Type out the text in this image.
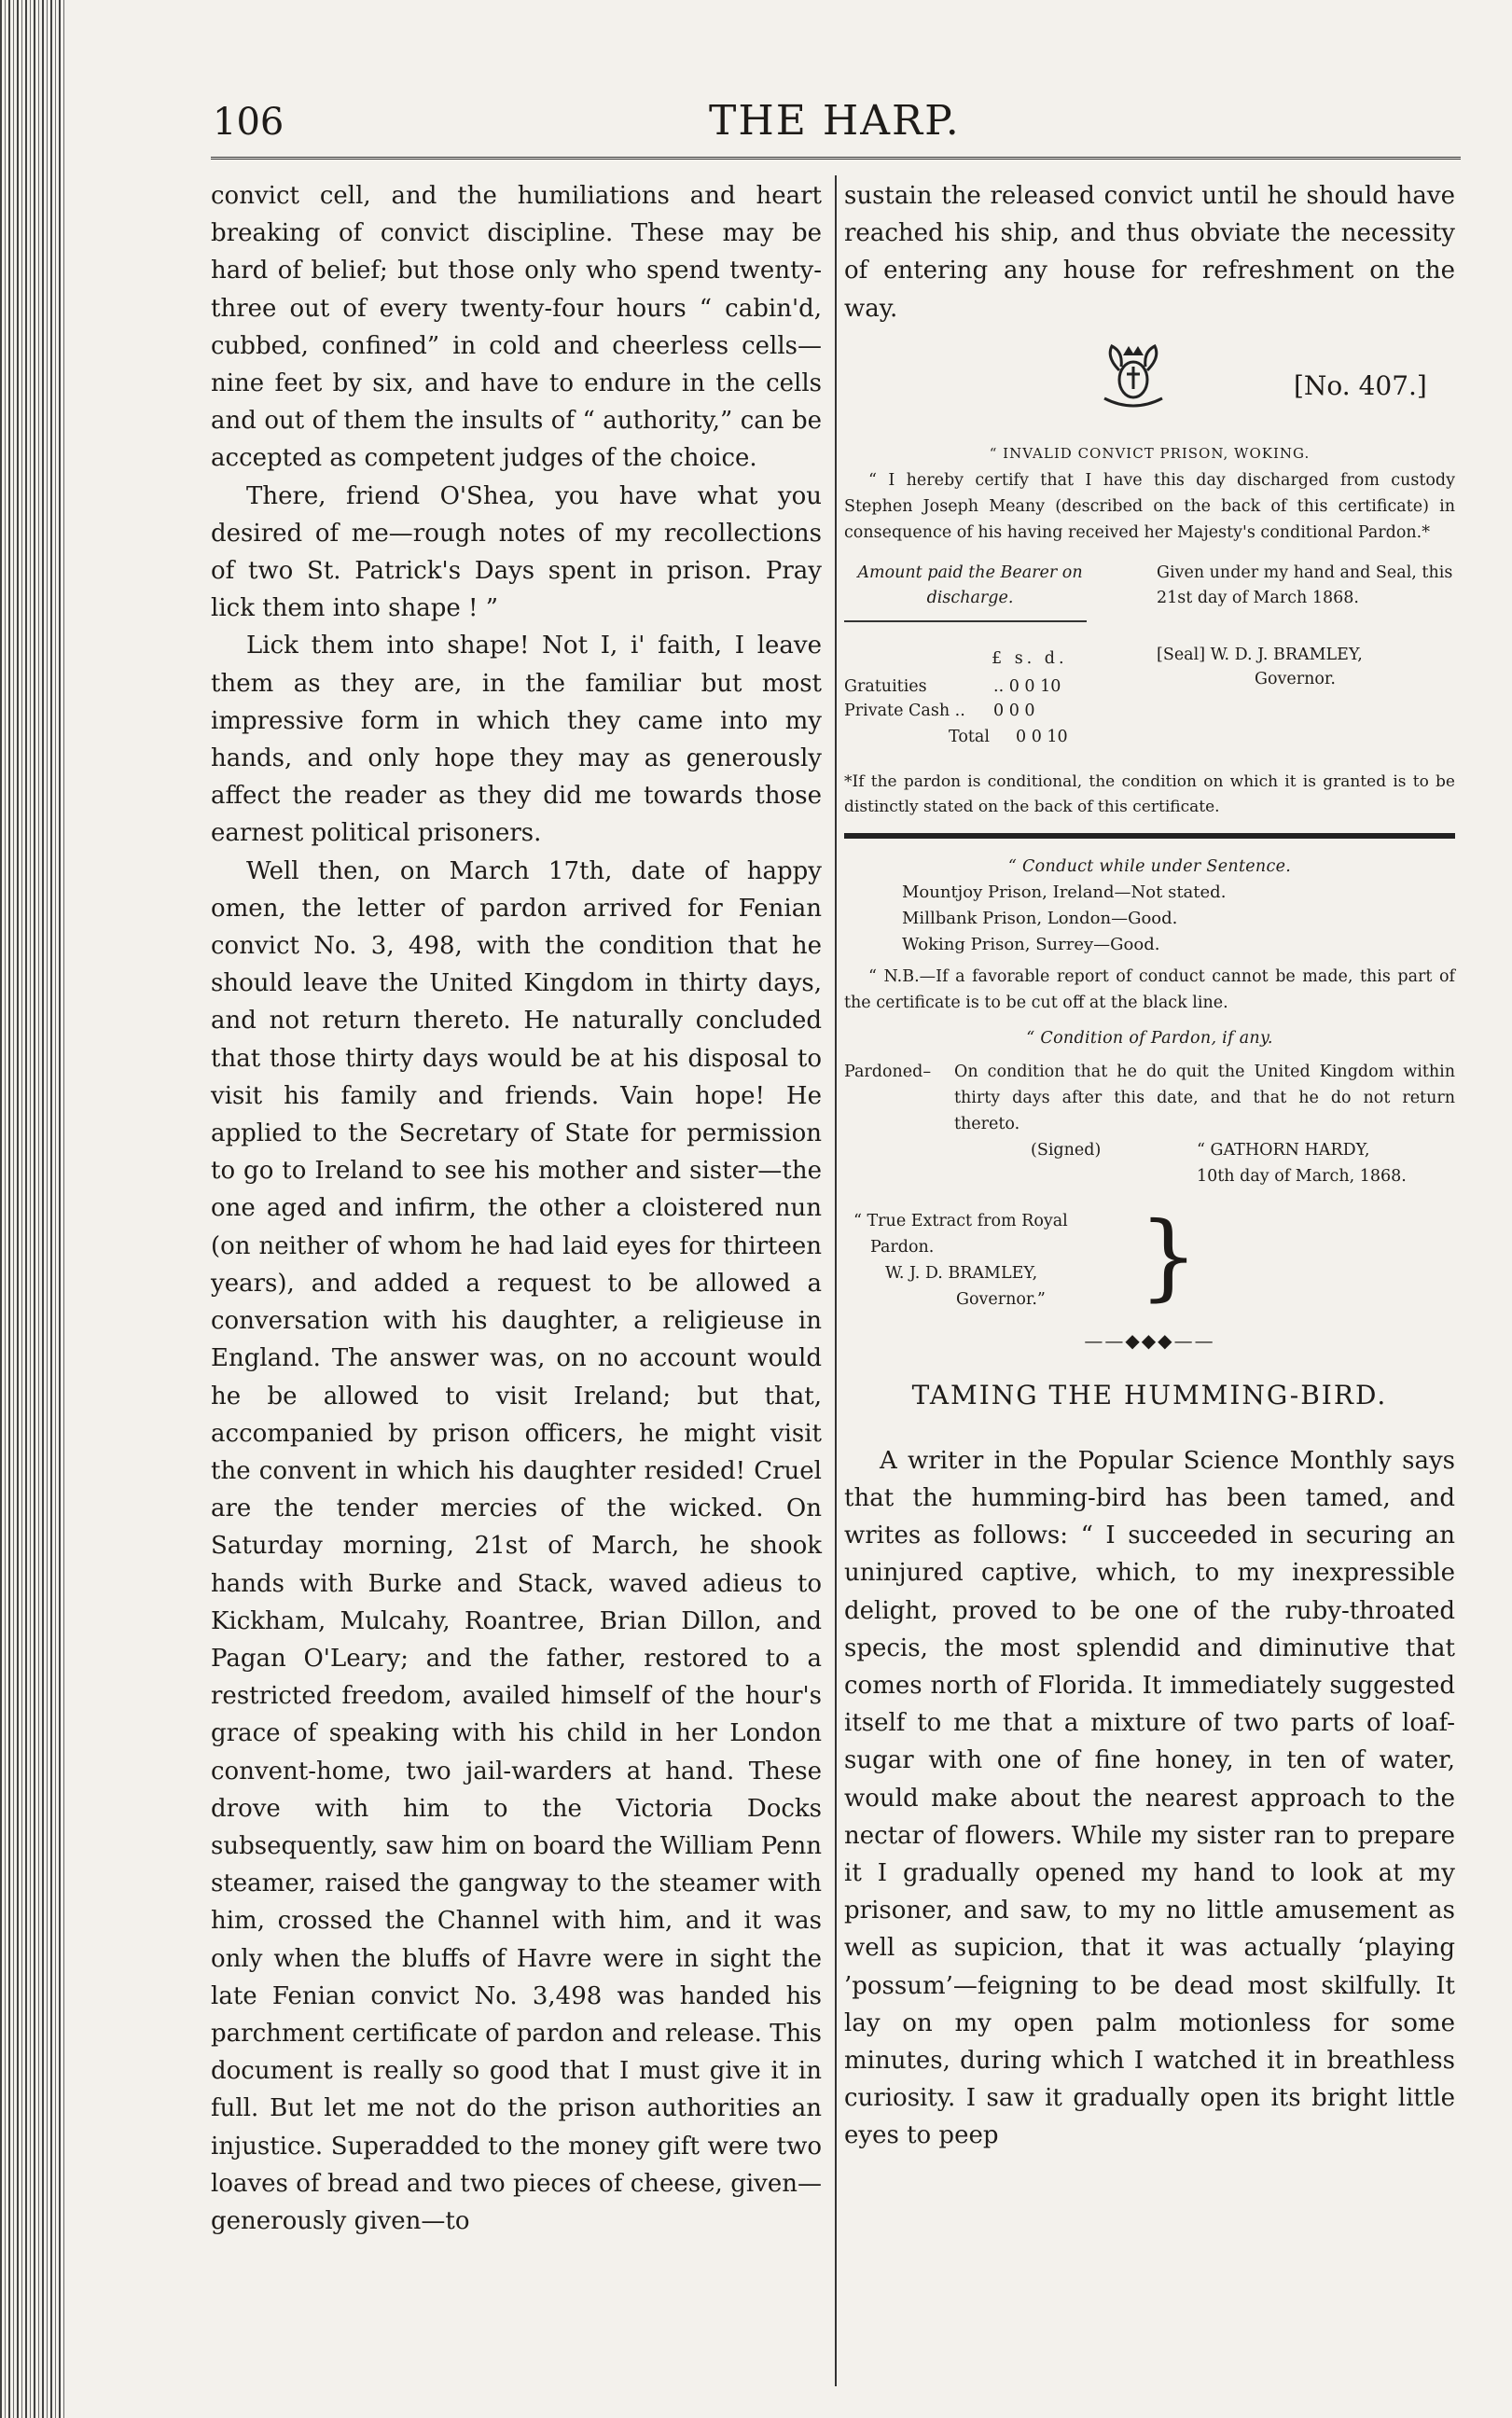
106	THE HARP.

convict cell, and the humiliations and heart breaking of convict discipline. These may be hard of belief; but those only who spend twenty-three out of every twenty-four hours “ cabin'd, cubbed, confined” in cold and cheerless cells—nine feet by six, and have to endure in the cells and out of them the insults of “ authority,” can be accepted as competent judges of the choice.

There, friend O'Shea, you have what you desired of me—rough notes of my recollections of two St. Patrick's Days spent in prison. Pray lick them into shape ! ”

Lick them into shape! Not I, i' faith, I leave them as they are, in the familiar but most impressive form in which they came into my hands, and only hope they may as generously affect the reader as they did me towards those earnest political prisoners.

Well then, on March 17th, date of happy omen, the letter of pardon arrived for Fenian convict No. 3, 498, with the condition that he should leave the United Kingdom in thirty days, and not return thereto. He naturally concluded that those thirty days would be at his disposal to visit his family and friends. Vain hope! He applied to the Secretary of State for permission to go to Ireland to see his mother and sister—the one aged and infirm, the other a cloistered nun (on neither of whom he had laid eyes for thirteen years), and added a request to be allowed a conversation with his daughter, a religieuse in England. The answer was, on no account would he be allowed to visit Ireland; but that, accompanied by prison officers, he might visit the convent in which his daughter resided! Cruel are the tender mercies of the wicked. On Saturday morning, 21st of March, he shook hands with Burke and Stack, waved adieus to Kickham, Mulcahy, Roantree, Brian Dillon, and Pagan O'Leary; and the father, restored to a restricted freedom, availed himself of the hour's grace of speaking with his child in her London convent-home, two jail-warders at hand. These drove with him to the Victoria Docks subsequently, saw him on board the William Penn steamer, raised the gangway to the steamer with him, crossed the Channel with him, and it was only when the bluffs of Havre were in sight the late Fenian convict No. 3,498 was handed his parchment certificate of pardon and release. This document is really so good that I must give it in full. But let me not do the prison authorities an injustice. Superadded to the money gift were two loaves of bread and two pieces of cheese, given—generously given—to

sustain the released convict until he should have reached his ship, and thus obviate the necessity of entering any house for refreshment on the way.

[No. 407.]
“ INVALID CONVICT PRISON, WOKING.

“ I hereby certify that I have this day discharged from custody Stephen Joseph Meany (described on the back of this certificate) in consequence of his having received her Majesty's conditional Pardon.*

Amount paid the Bearer on discharge.
£ s. d.
Gratuities	.. 0 0 10
Private Cash .. 0 0 0
Total 0 0 10
Given under my hand and Seal, this 21st day of March 1868.
[Seal] W. D. J. BRAMLEY,
Governor.

*If the pardon is conditional, the condition on which it is granted is to be distinctly stated on the back of this certificate.

“ Conduct while under Sentence.

Mountjoy Prison, Ireland—Not stated.

Millbank Prison, London—Good.

Woking Prison, Surrey—Good.

“ N.B.—If a favorable report of conduct cannot be made, this part of the certificate is to be cut off at the black line.

“ Condition of Pardon, if any.

Pardoned–	On condition that he do quit the United Kingdom within thirty days after this date, and that he do not return thereto.
(Signed)	“ GATHORN HARDY,
10th day of March, 1868.
“ True Extract from Royal
Pardon.
W. J. D. BRAMLEY,
Governor.”	}
——◆◆◆——
TAMING THE HUMMING-BIRD.

A writer in the Popular Science Monthly says that the humming-bird has been tamed, and writes as follows: “ I succeeded in securing an uninjured captive, which, to my inexpressible delight, proved to be one of the ruby-throated specis, the most splendid and diminutive that comes north of Florida. It immediately suggested itself to me that a mixture of two parts of loaf-sugar with one of fine honey, in ten of water, would make about the nearest approach to the nectar of flowers. While my sister ran to prepare it I gradually opened my hand to look at my prisoner, and saw, to my no little amusement as well as supicion, that it was actually ‘playing ’possum’—feigning to be dead most skilfully. It lay on my open palm motionless for some minutes, during which I watched it in breathless curiosity. I saw it gradually open its bright little eyes to peep
